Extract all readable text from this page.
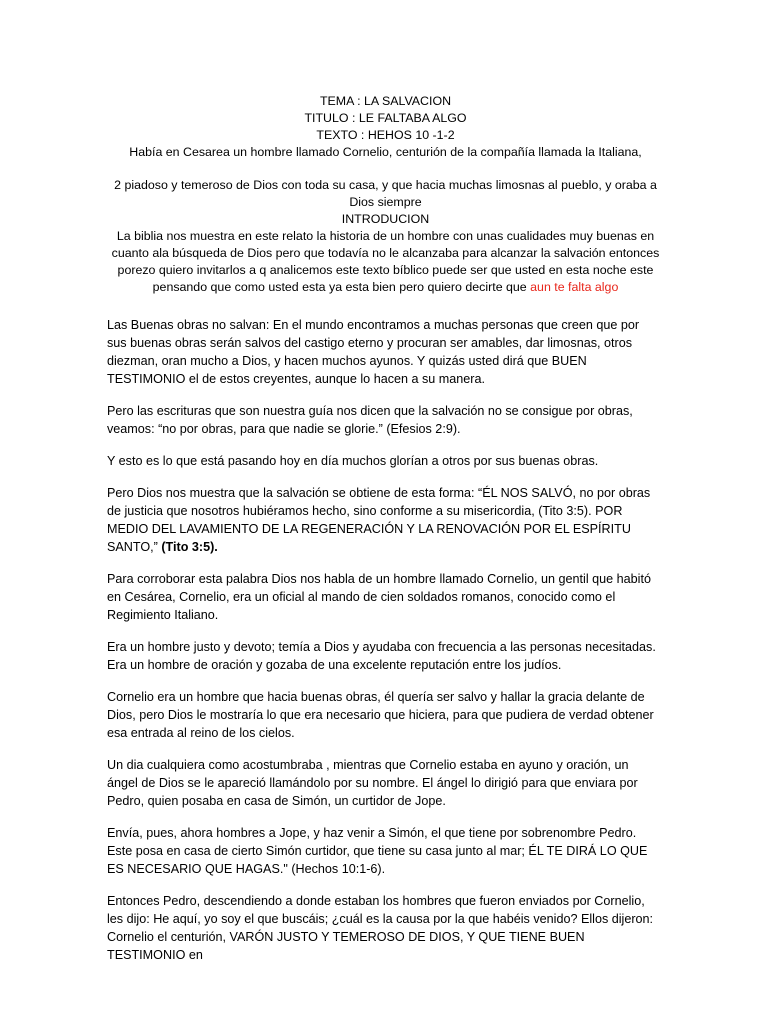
TEMA : LA SALVACION

TITULO : LE FALTABA ALGO

TEXTO : HEHOS 10 -1-2

Había en Cesarea un hombre llamado Cornelio, centurión de la compañía llamada la Italiana,

2 piadoso y temeroso de Dios con toda su casa, y que hacia muchas limosnas al pueblo, y oraba a Dios siempre

INTRODUCION

La biblia nos muestra en este relato la historia de un hombre con unas cualidades muy buenas en cuanto ala búsqueda de Dios pero que todavía no le alcanzaba para alcanzar la salvación entonces porezo quiero invitarlos a q analicemos este texto bíblico puede ser que usted en esta noche este pensando que como usted esta ya esta bien pero quiero decirte que aun te falta algo

Las Buenas obras no salvan: En el mundo encontramos a muchas personas que creen que por sus buenas obras serán salvos del castigo eterno y procuran ser amables, dar limosnas, otros diezman, oran mucho a Dios, y hacen muchos ayunos. Y quizás usted dirá que BUEN TESTIMONIO el de estos creyentes, aunque lo hacen a su manera.

Pero las escrituras que son nuestra guía nos dicen que la salvación no se consigue por obras, veamos: “no por obras, para que nadie se glorie.” (Efesios 2:9).

Y esto es lo que está pasando hoy en día muchos glorían a otros por sus buenas obras.

Pero Dios nos muestra que la salvación se obtiene de esta forma: “ÉL NOS SALVÓ, no por obras de justicia que nosotros hubiéramos hecho, sino conforme a su misericordia, (Tito 3:5). POR MEDIO DEL LAVAMIENTO DE LA REGENERACIÓN Y LA RENOVACIÓN POR EL ESPÍRITU SANTO,” (Tito 3:5).

Para corroborar esta palabra Dios nos habla de un hombre llamado Cornelio, un gentil que habitó en Cesárea, Cornelio, era un oficial al mando de cien soldados romanos, conocido como el Regimiento Italiano.

Era un hombre justo y devoto; temía a Dios y ayudaba con frecuencia a las personas necesitadas. Era un hombre de oración y gozaba de una excelente reputación entre los judíos.

Cornelio era un hombre que hacia buenas obras, él quería ser salvo y hallar la gracia delante de Dios, pero Dios le mostraría lo que era necesario que hiciera, para que pudiera de verdad obtener esa entrada al reino de los cielos.

Un dia cualquiera como acostumbraba , mientras que Cornelio estaba en ayuno y oración, un ángel de Dios se le apareció llamándolo por su nombre. El ángel lo dirigió para que enviara por Pedro, quien posaba en casa de Simón, un curtidor de Jope.

Envía, pues, ahora hombres a Jope, y haz venir a Simón, el que tiene por sobrenombre Pedro. Este posa en casa de cierto Simón curtidor, que tiene su casa junto al mar; ÉL TE DIRÁ LO QUE ES NECESARIO QUE HAGAS." (Hechos 10:1-6).

Entonces Pedro, descendiendo a donde estaban los hombres que fueron enviados por Cornelio, les dijo: He aquí, yo soy el que buscáis; ¿cuál es la causa por la que habéis venido? Ellos dijeron: Cornelio el centurión, VARÓN JUSTO Y TEMEROSO DE DIOS, Y QUE TIENE BUEN TESTIMONIO en
